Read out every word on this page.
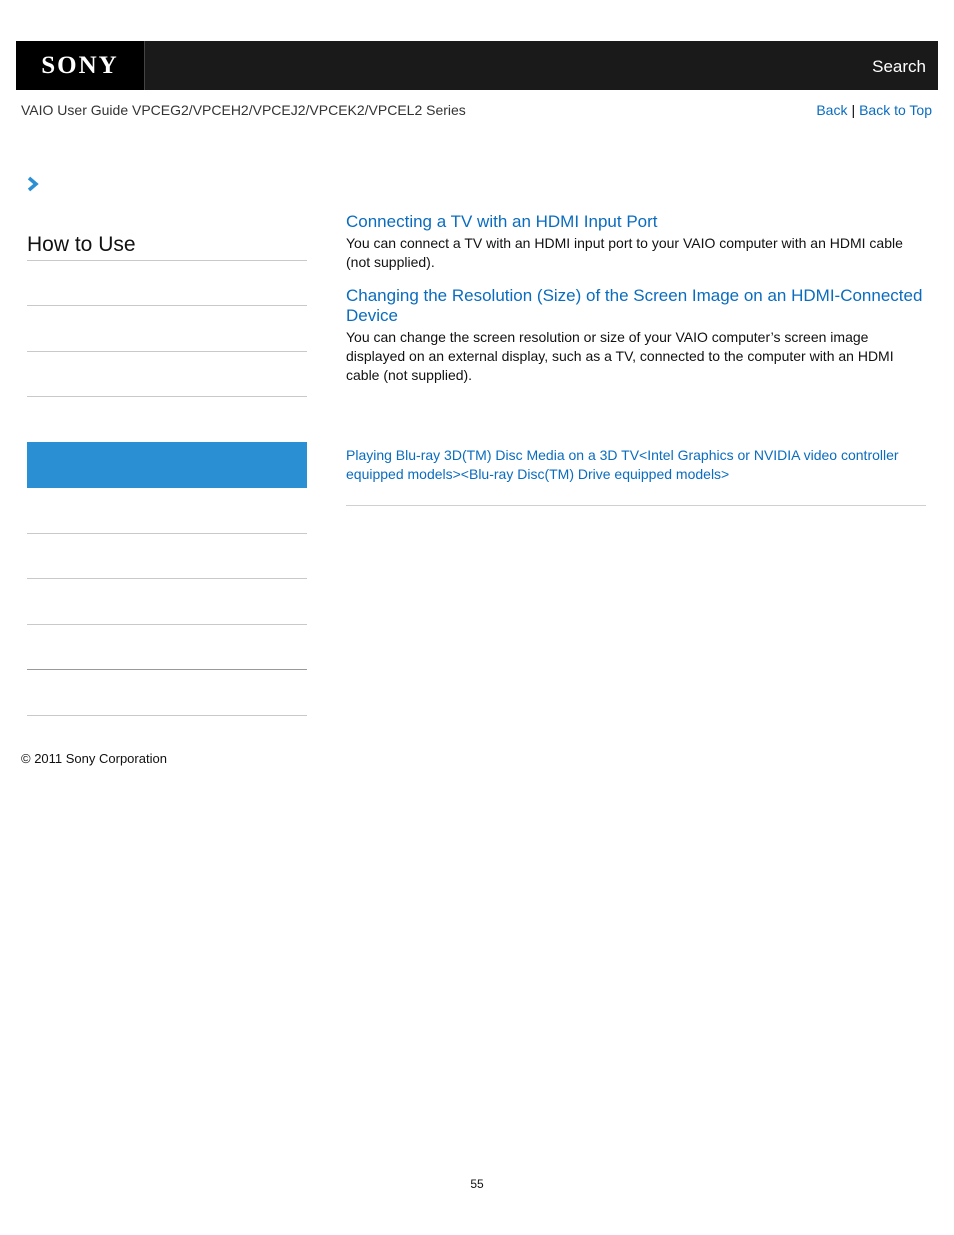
SONY	Search
VAIO User Guide VPCEG2/VPCEH2/VPCEJ2/VPCEK2/VPCEL2 Series	Back | Back to Top
How to Use
Connecting a TV with an HDMI Input Port

You can connect a TV with an HDMI input port to your VAIO computer with an HDMI cable (not supplied).

Changing the Resolution (Size) of the Screen Image on an HDMI-Connected Device

You can change the screen resolution or size of your VAIO computer’s screen image displayed on an external display, such as a TV, connected to the computer with an HDMI cable (not supplied).

Playing Blu-ray 3D(TM) Disc Media on a 3D TV<Intel Graphics or NVIDIA video controller equipped models><Blu-ray Disc(TM) Drive equipped models>
© 2011 Sony Corporation
55
